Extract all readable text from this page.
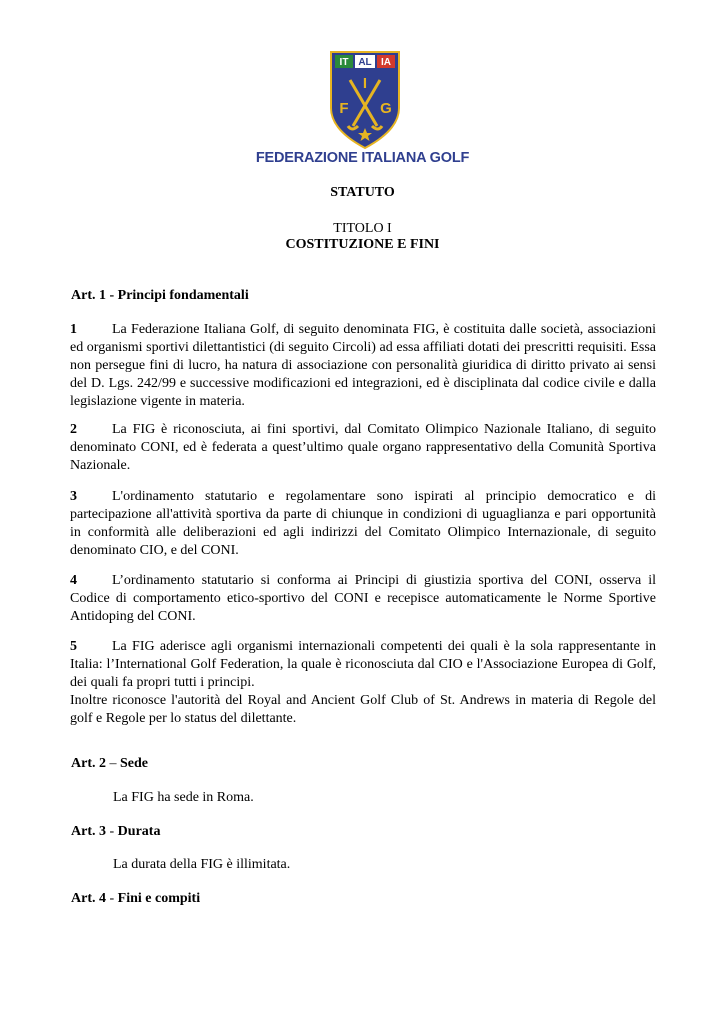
IT AL IA
I
F G
FEDERAZIONE ITALIANA GOLF
STATUTO
TITOLO I
COSTITUZIONE E FINI
Art. 1 - Principi fondamentali

1	La Federazione Italiana Golf, di seguito denominata FIG, è costituita dalle società, associazioni ed organismi sportivi dilettantistici (di seguito Circoli) ad essa affiliati dotati dei prescritti requisiti. Essa non persegue fini di lucro, ha natura di associazione con personalità giuridica di diritto privato ai sensi del D. Lgs. 242/99 e successive modificazioni ed integrazioni, ed è disciplinata dal codice civile e dalla legislazione vigente in materia.

2	La FIG è riconosciuta, ai fini sportivi, dal Comitato Olimpico Nazionale Italiano, di seguito denominato CONI, ed è federata a quest’ultimo quale organo rappresentativo della Comunità Sportiva Nazionale.

3	L'ordinamento statutario e regolamentare sono ispirati al principio democratico e di partecipazione all'attività sportiva da parte di chiunque in condizioni di uguaglianza e pari opportunità in conformità alle deliberazioni ed agli indirizzi del Comitato Olimpico Internazionale, di seguito denominato CIO, e del CONI.

4	L’ordinamento statutario si conforma ai Principi di giustizia sportiva del CONI, osserva il Codice di comportamento etico-sportivo del CONI e recepisce automaticamente le Norme Sportive Antidoping del CONI.

5	La FIG aderisce agli organismi internazionali competenti dei quali è la sola rappresentante in Italia: l’International Golf Federation, la quale è riconosciuta dal CIO e l'Associazione Europea di Golf, dei quali fa propri tutti i principi.
Inoltre riconosce l'autorità del Royal and Ancient Golf Club of St. Andrews in materia di Regole del golf e Regole per lo status del dilettante.

Art. 2 – Sede
La FIG ha sede in Roma.
Art. 3 - Durata
La durata della FIG è illimitata.
Art. 4 - Fini e compiti
